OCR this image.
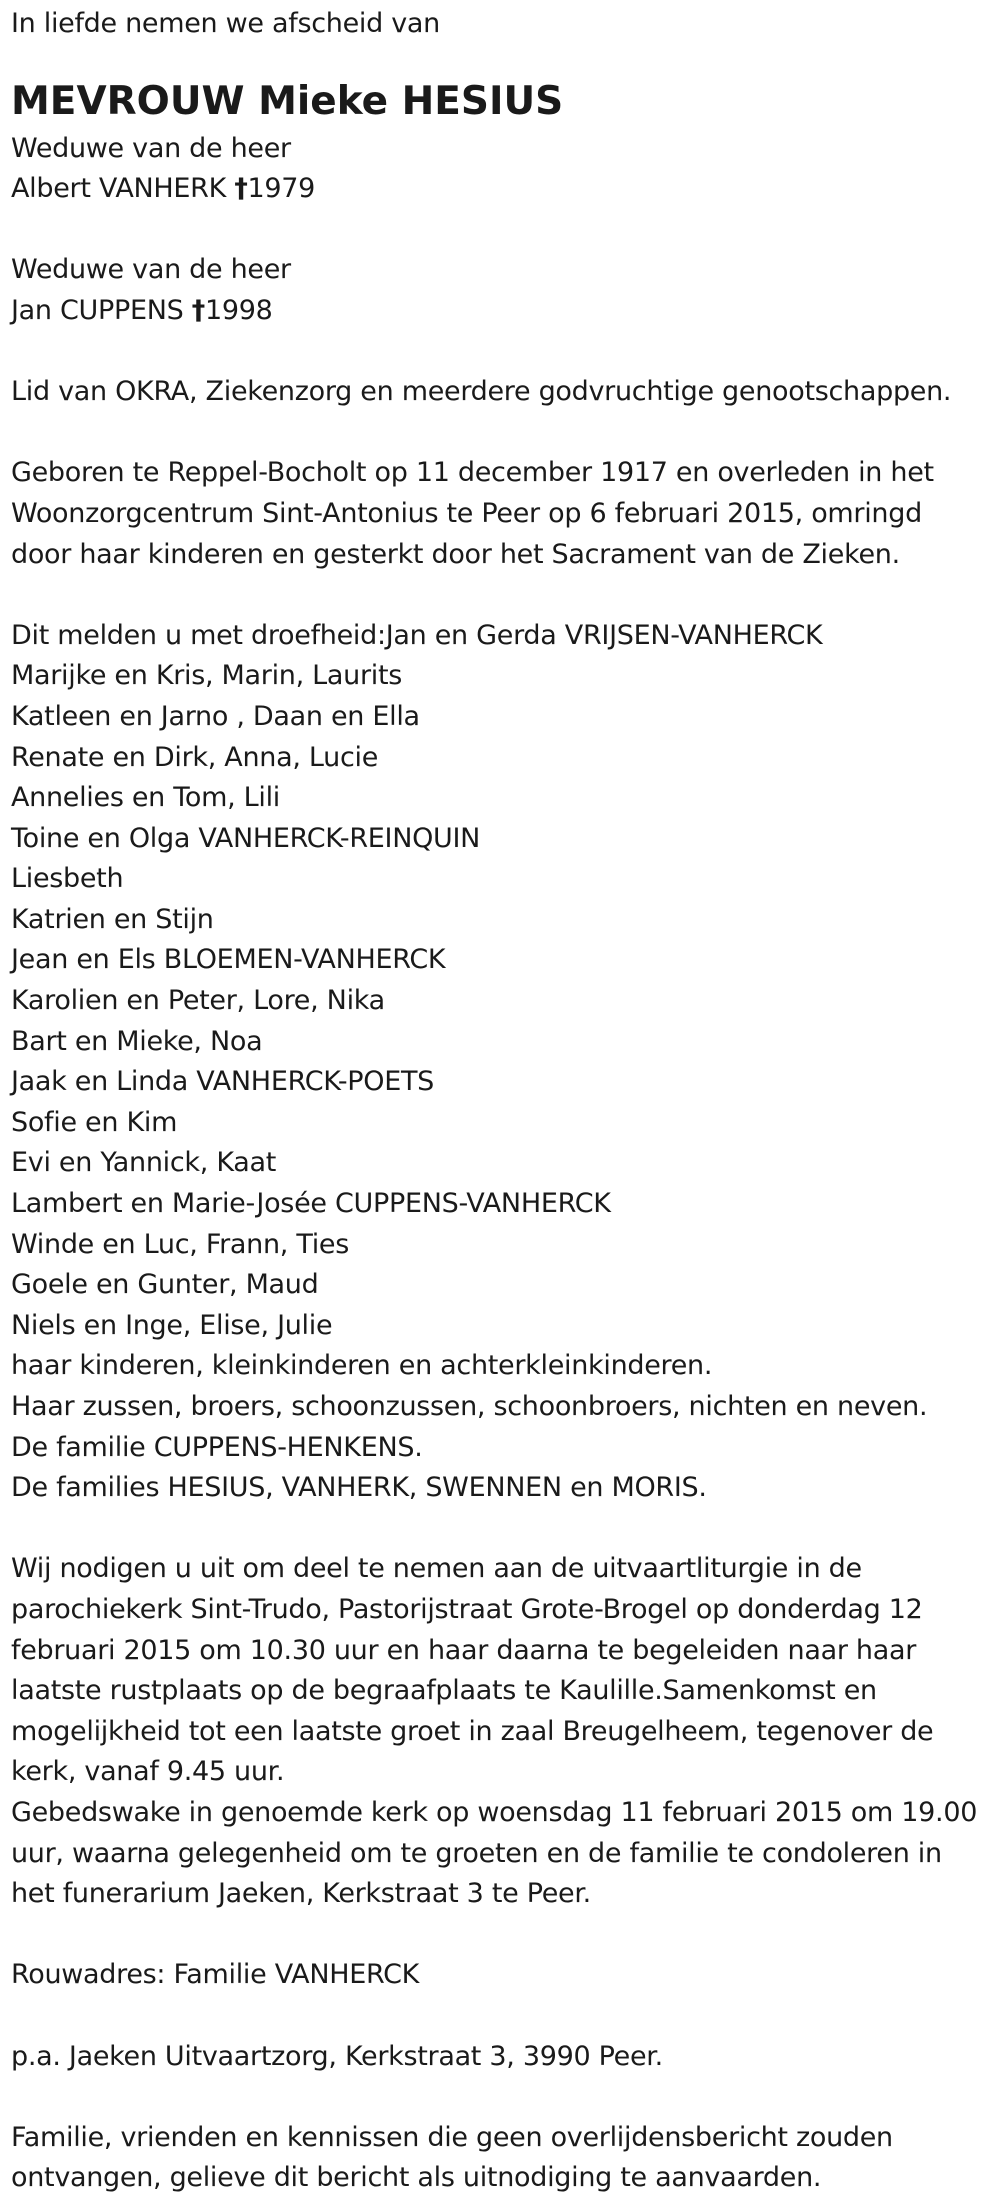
In liefde nemen we afscheid van
MEVROUW Mieke HESIUS
Weduwe van de heer
Albert VANHERK †1979
Weduwe van de heer
Jan CUPPENS †1998
Lid van OKRA, Ziekenzorg en meerdere godvruchtige genootschappen.
Geboren te Reppel-Bocholt op 11 december 1917 en overleden in het
Woonzorgcentrum Sint-Antonius te Peer op 6 februari 2015, omringd
door haar kinderen en gesterkt door het Sacrament van de Zieken.
Dit melden u met droefheid:Jan en Gerda VRIJSEN-VANHERCK
Marijke en Kris, Marin, Laurits
Katleen en Jarno , Daan en Ella
Renate en Dirk, Anna, Lucie
Annelies en Tom, Lili
Toine en Olga VANHERCK-REINQUIN
Liesbeth
Katrien en Stijn
Jean en Els BLOEMEN-VANHERCK
Karolien en Peter, Lore, Nika
Bart en Mieke, Noa
Jaak en Linda VANHERCK-POETS
Sofie en Kim
Evi en Yannick, Kaat
Lambert en Marie-Josée CUPPENS-VANHERCK
Winde en Luc, Frann, Ties
Goele en Gunter, Maud
Niels en Inge, Elise, Julie
haar kinderen, kleinkinderen en achterkleinkinderen.
Haar zussen, broers, schoonzussen, schoonbroers, nichten en neven.
De familie CUPPENS-HENKENS.
De families HESIUS, VANHERK, SWENNEN en MORIS.
Wij nodigen u uit om deel te nemen aan de uitvaartliturgie in de
parochiekerk Sint-Trudo, Pastorijstraat Grote-Brogel op donderdag 12
februari 2015 om 10.30 uur en haar daarna te begeleiden naar haar
laatste rustplaats op de begraafplaats te Kaulille.Samenkomst en
mogelijkheid tot een laatste groet in zaal Breugelheem, tegenover de
kerk, vanaf 9.45 uur.
Gebedswake in genoemde kerk op woensdag 11 februari 2015 om 19.00
uur, waarna gelegenheid om te groeten en de familie te condoleren in
het funerarium Jaeken, Kerkstraat 3 te Peer.
Rouwadres: Familie VANHERCK
p.a. Jaeken Uitvaartzorg, Kerkstraat 3, 3990 Peer.
Familie, vrienden en kennissen die geen overlijdensbericht zouden
ontvangen, gelieve dit bericht als uitnodiging te aanvaarden.
